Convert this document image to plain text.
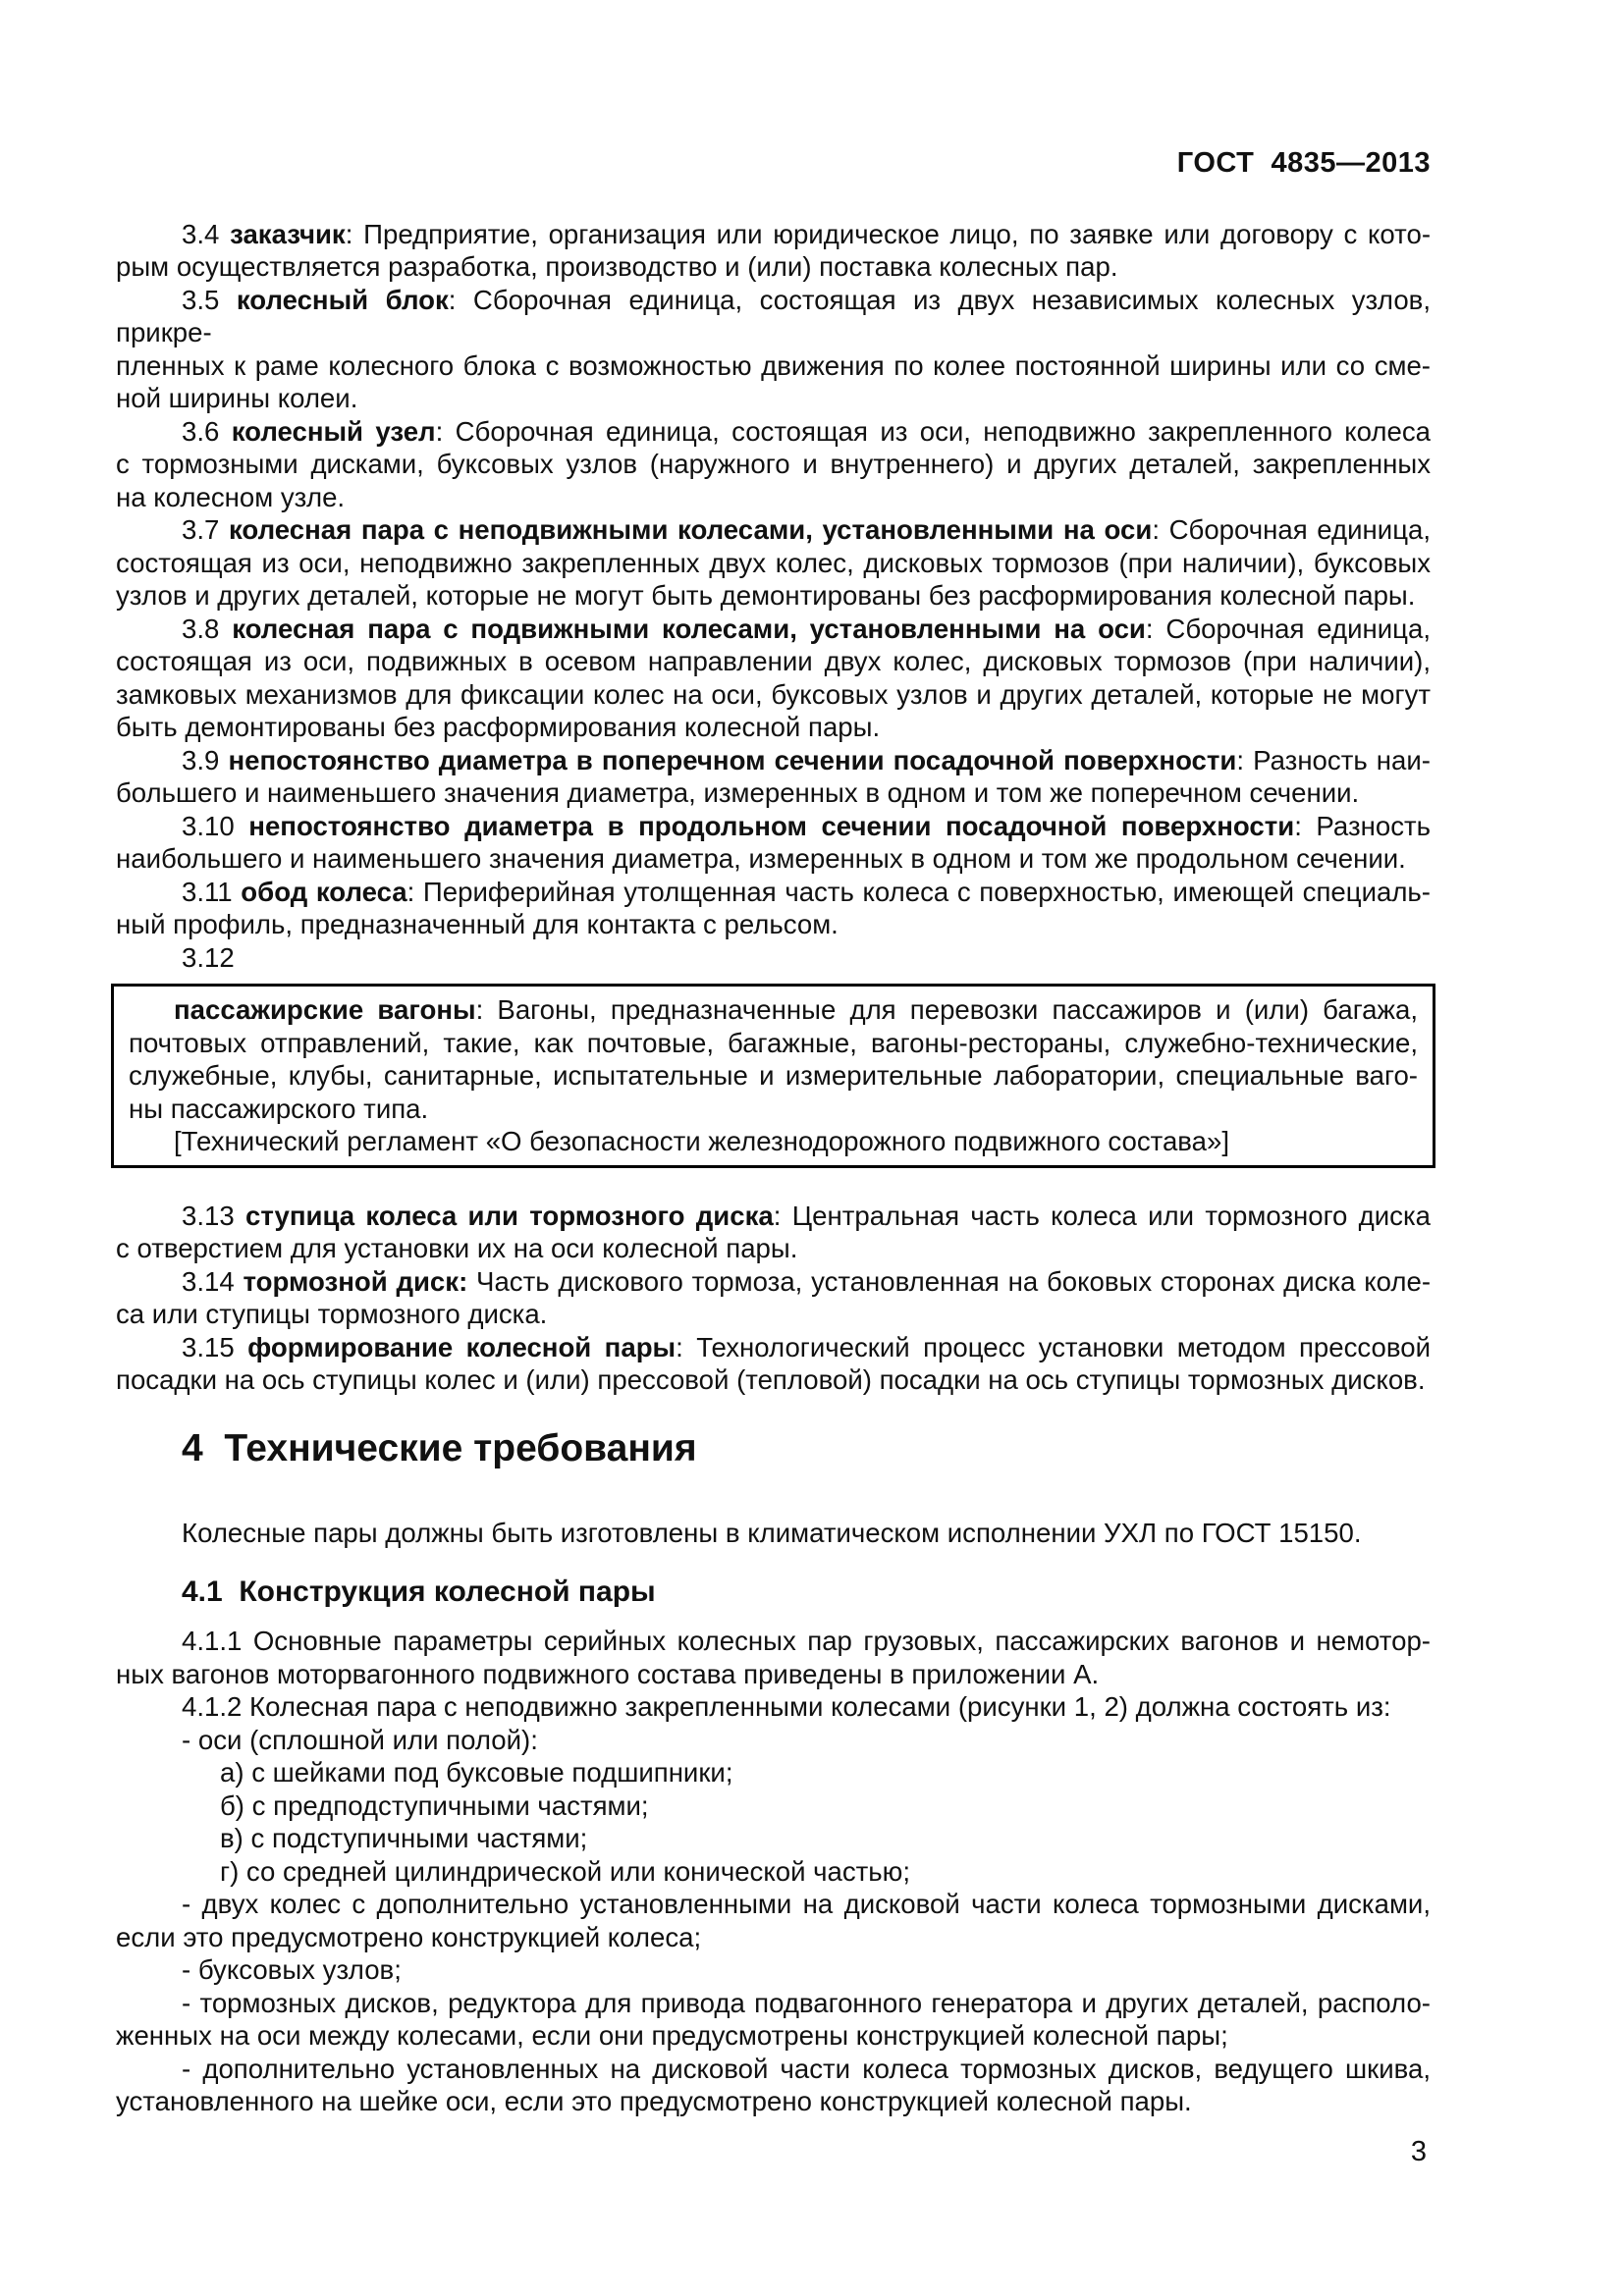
ГОСТ  4835—2013
3.4 заказчик: Предприятие, организация или юридическое лицо, по заявке или договору с кото-
рым осуществляется разработка, производство и (или) поставка колесных пар.
3.5 колесный блок: Сборочная единица, состоящая из двух независимых колесных узлов, прикре-
пленных к раме колесного блока с возможностью движения по колее постоянной ширины или со сме-
ной ширины колеи.
3.6 колесный узел: Сборочная единица, состоящая из оси, неподвижно закрепленного колеса
с тормозными дисками, буксовых узлов (наружного и внутреннего) и других деталей, закрепленных
на колесном узле.
3.7 колесная пара с неподвижными колесами, установленными на оси: Сборочная единица,
состоящая из оси, неподвижно закрепленных двух колес, дисковых тормозов (при наличии), буксовых
узлов и других деталей, которые не могут быть демонтированы без расформирования колесной пары.
3.8 колесная пара с подвижными колесами, установленными на оси: Сборочная единица,
состоящая из оси, подвижных в осевом направлении двух колес, дисковых тормозов (при наличии),
замковых механизмов для фиксации колес на оси, буксовых узлов и других деталей, которые не могут
быть демонтированы без расформирования колесной пары.
3.9 непостоянство диаметра в поперечном сечении посадочной поверхности: Разность наи-
большего и наименьшего значения диаметра, измеренных в одном и том же поперечном сечении.
3.10 непостоянство диаметра в продольном сечении посадочной поверхности: Разность
наибольшего и наименьшего значения диаметра, измеренных в одном и том же продольном сечении.
3.11 обод колеса: Периферийная утолщенная часть колеса с поверхностью, имеющей специаль-
ный профиль, предназначенный для контакта с рельсом.
3.12
пассажирские вагоны: Вагоны, предназначенные для перевозки пассажиров и (или) багажа,
почтовых отправлений, такие, как почтовые, багажные, вагоны-рестораны, служебно-технические,
служебные, клубы, санитарные, испытательные и измерительные лаборатории, специальные ваго-
ны пассажирского типа.
[Технический регламент «О безопасности железнодорожного подвижного состава»]
3.13 ступица колеса или тормозного диска: Центральная часть колеса или тормозного диска
с отверстием для установки их на оси колесной пары.
3.14 тормозной диск: Часть дискового тормоза, установленная на боковых сторонах диска коле-
са или ступицы тормозного диска.
3.15 формирование колесной пары: Технологический процесс установки методом прессовой
посадки на ось ступицы колес и (или) прессовой (тепловой) посадки на ось ступицы тормозных дисков.
4  Технические требования
Колесные пары должны быть изготовлены в климатическом исполнении УХЛ по ГОСТ 15150.
4.1  Конструкция колесной пары
4.1.1 Основные параметры серийных колесных пар грузовых, пассажирских вагонов и немотор-
ных вагонов моторвагонного подвижного состава приведены в приложении А.
4.1.2 Колесная пара с неподвижно закрепленными колесами (рисунки 1, 2) должна состоять из:
- оси (сплошной или полой):
а) с шейками под буксовые подшипники;
б) с предподступичными частями;
в) с подступичными частями;
г) со средней цилиндрической или конической частью;
- двух колес с дополнительно установленными на дисковой части колеса тормозными дисками,
если это предусмотрено конструкцией колеса;
- буксовых узлов;
- тормозных дисков, редуктора для привода подвагонного генератора и других деталей, располо-
женных на оси между колесами, если они предусмотрены конструкцией колесной пары;
- дополнительно установленных на дисковой части колеса тормозных дисков, ведущего шкива,
установленного на шейке оси, если это предусмотрено конструкцией колесной пары.
3
